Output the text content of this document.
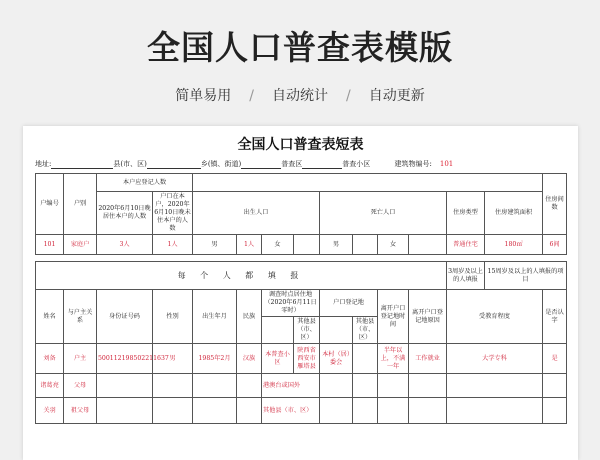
全国人口普查表模版
简单易用 / 自动统计 / 自动更新
全国人口普查表短表
地址:	县(市、区)	乡(镇、街道)	普查区	普查小区	建筑物编号: 101
户编号	户别	本户应登记人数												住房间数
		2020年6月10日晚居住本户的人数	户口在本户，2020年6月10日晚未住本户的人数	出生人口				死亡人口				住房类型	住房建筑面积	
101	家庭户	3人	1人	男	1人	女		男		女		普通住宅	180㎡	6间

每 个 人 都 填 报												3周岁及以上的人填报	15周岁及以上的人填报的项目	
姓名	与户主关系	身份证号码	性别	出生年月	民族	调查时点居住地（2020年6月11日零时）		户口登记地		离开户口登记地时间	离开户口登记地原因	受教育程度		是否认字
							其他县（市、区）		其他县（市、区）					
刘备	户主	500112198502211637	男	1985年2月	汉族	本普查小区	陕西省西安市雁塔县	本村（居）委会		半年以上，不满一年	工作就业	大学专科		是
诸葛亮	父母					港澳台或国外								
关羽	祖父母					其他县（市、区）								
